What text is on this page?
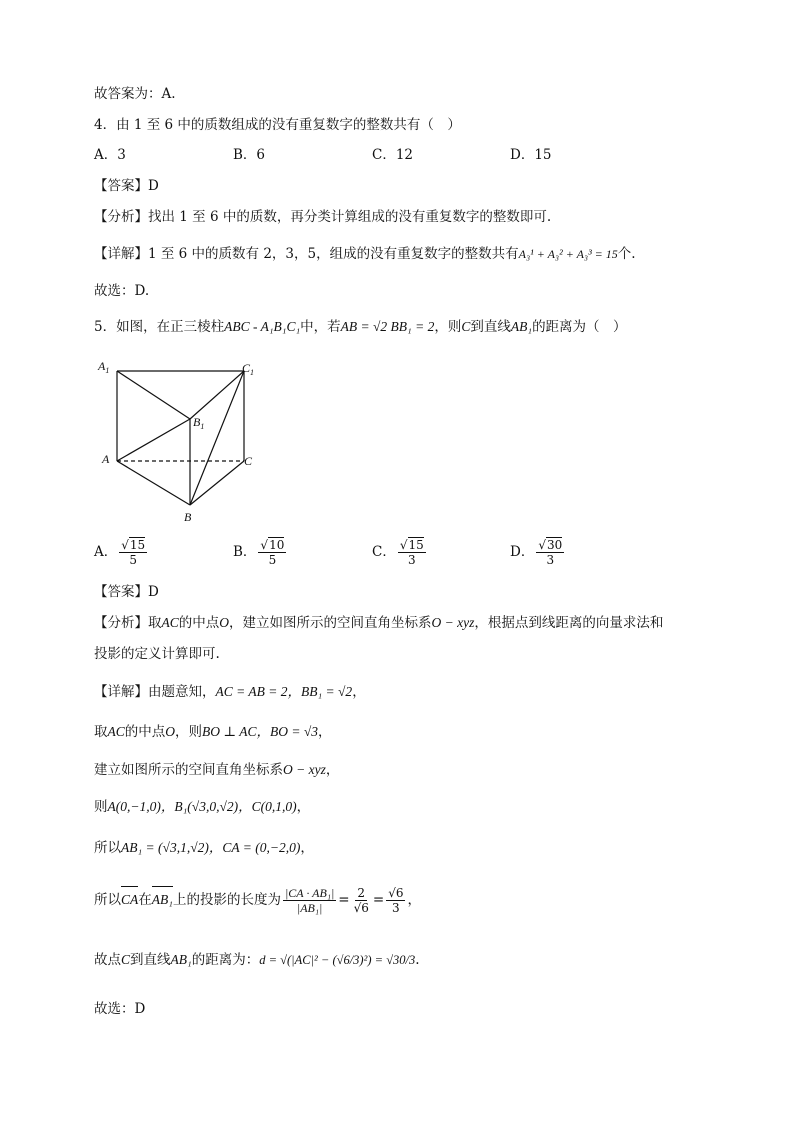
故答案为：A.
4．由 1 至 6 中的质数组成的没有重复数字的整数共有（　）
A．3	B．6	C．12	D．15
【答案】D
【分析】找出 1 至 6 中的质数，再分类计算组成的没有重复数字的整数即可.
【详解】1 至 6 中的质数有 2，3，5，组成的没有重复数字的整数共有A₃¹ + A₃² + A₃³ = 15个.
故选：D.
5．如图，在正三棱柱ABC - A₁B₁C₁中，若AB = √2 BB₁ = 2，则C到直线AB₁的距离为（　）
$A_1$	$C_1$
$B_1$
A	C
B
A． $\frac{√15}{5}$	B． $\frac{√10}{5}$	C． $\frac{√15}{3}$	D． $\frac{√30}{3}$
【答案】D
【分析】取AC的中点O，建立如图所示的空间直角坐标系O − xyz，根据点到线距离的向量求法和
投影的定义计算即可.
【详解】由题意知，AC = AB = 2，BB₁ = √2，
取AC的中点O，则BO ⊥ AC，BO = √3，
建立如图所示的空间直角坐标系O − xyz，
则A(0,−1,0)，B₁(√3,0,√2)，C(0,1,0)，
所以AB₁ = (√3,1,√2)，CA = (0,−2,0)，
所以CA在AB₁上的投影的长度为 $\frac{\text{|CA · AB₁|}}{\text{|AB₁|}} = \frac{2}{√6} = \frac{√6}{3}$ ，
故点C到直线AB₁的距离为：d = √(|AC|² − (√6/3)²) = √30/3.
故选：D
